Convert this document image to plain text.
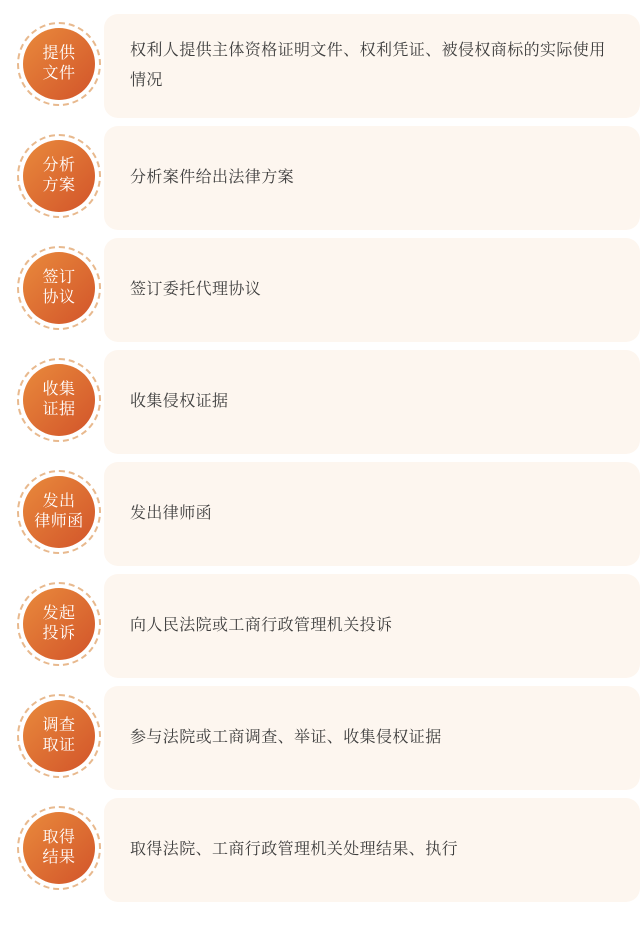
提供
文件
权利人提供主体资格证明文件、权利凭证、被侵权商标的实际使用情况
分析
方案	分析案件给出法律方案
签订
协议	签订委托代理协议
收集
证据	收集侵权证据
发出
律师函	发出律师函
发起
投诉	向人民法院或工商行政管理机关投诉
调查
取证	参与法院或工商调查、举证、收集侵权证据
取得
结果	取得法院、工商行政管理机关处理结果、执行
